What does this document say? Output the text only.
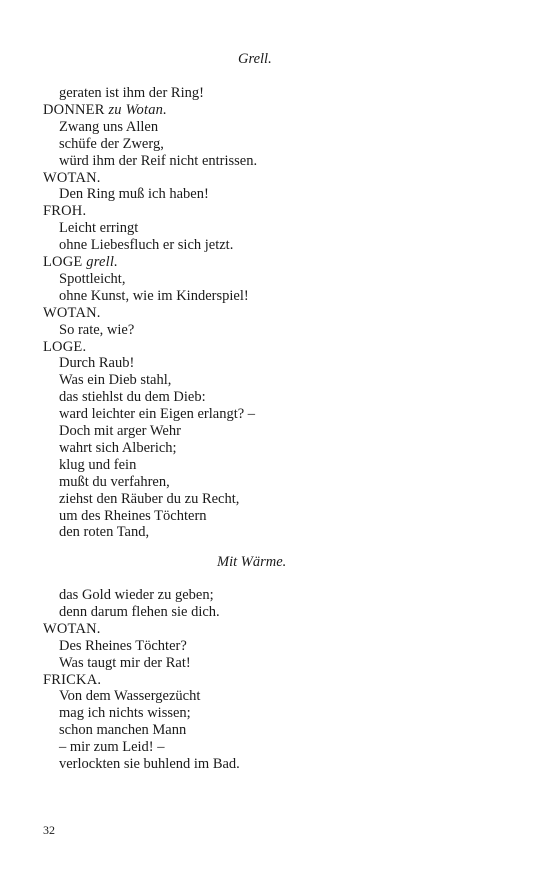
Grell.
geraten ist ihm der Ring!
DONNER zu Wotan.
Zwang uns Allen
schüfe der Zwerg,
würd ihm der Reif nicht entrissen.
WOTAN.
Den Ring muß ich haben!
FROH.
Leicht erringt
ohne Liebesfluch er sich jetzt.
LOGE grell.
Spottleicht,
ohne Kunst, wie im Kinderspiel!
WOTAN.
So rate, wie?
LOGE.
Durch Raub!
Was ein Dieb stahl,
das stiehlst du dem Dieb:
ward leichter ein Eigen erlangt? –
Doch mit arger Wehr
wahrt sich Alberich;
klug und fein
mußt du verfahren,
ziehst den Räuber du zu Recht,
um des Rheines Töchtern
den roten Tand,
Mit Wärme.
das Gold wieder zu geben;
denn darum flehen sie dich.
WOTAN.
Des Rheines Töchter?
Was taugt mir der Rat!
FRICKA.
Von dem Wassergezücht
mag ich nichts wissen;
schon manchen Mann
– mir zum Leid! –
verlockten sie buhlend im Bad.
32
